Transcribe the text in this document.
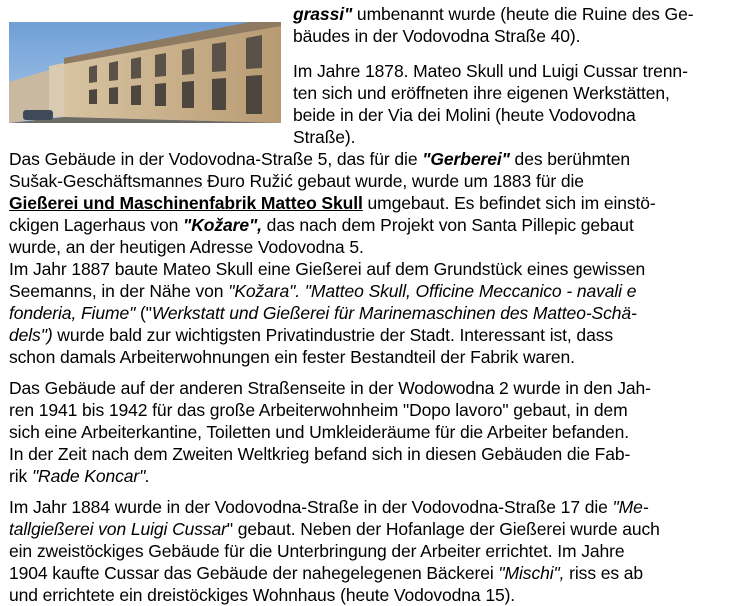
grassi" umbenannt wurde (heute die Ruine des Ge-
bäudes in der Vodovodna Straße 40).
Im Jahre 1878. Mateo Skull und Luigi Cussar trenn-
ten sich und eröffneten ihre eigenen Werkstätten,
beide in der Via dei Molini (heute Vodovodna
Straße).
Das Gebäude in der Vodovodna-Straße 5, das für die "Gerberei" des berühmten
Sušak-Geschäftsmannes Đuro Ružić gebaut wurde, wurde um 1883 für die
Gießerei und Maschinenfabrik Matteo Skull umgebaut. Es befindet sich im einstö-
ckigen Lagerhaus von "Kožare", das nach dem Projekt von Santa Pillepic gebaut
wurde, an der heutigen Adresse Vodovodna 5.
Im Jahr 1887 baute Mateo Skull eine Gießerei auf dem Grundstück eines gewissen
Seemanns, in der Nähe von "Kožara". "Matteo Skull, Officine Meccanico - navali e
fonderia, Fiume" ("Werkstatt und Gießerei für Marinemaschinen des Matteo-Schä-
dels") wurde bald zur wichtigsten Privatindustrie der Stadt. Interessant ist, dass
schon damals Arbeiterwohnungen ein fester Bestandteil der Fabrik waren.
Das Gebäude auf der anderen Straßenseite in der Wodowodna 2 wurde in den Jah-
ren 1941 bis 1942 für das große Arbeiterwohnheim "Dopo lavoro" gebaut, in dem
sich eine Arbeiterkantine, Toiletten und Umkleideräume für die Arbeiter befanden.
In der Zeit nach dem Zweiten Weltkrieg befand sich in diesen Gebäuden die Fab-
rik "Rade Koncar".
Im Jahr 1884 wurde in der Vodovodna-Straße in der Vodovodna-Straße 17 die "Me-
tallgießerei von Luigi Cussar" gebaut. Neben der Hofanlage der Gießerei wurde auch
ein zweistöckiges Gebäude für die Unterbringung der Arbeiter errichtet. Im Jahre
1904 kaufte Cussar das Gebäude der nahegelegenen Bäckerei "Mischi", riss es ab
und errichtete ein dreistöckiges Wohnhaus (heute Vodovodna 15).
